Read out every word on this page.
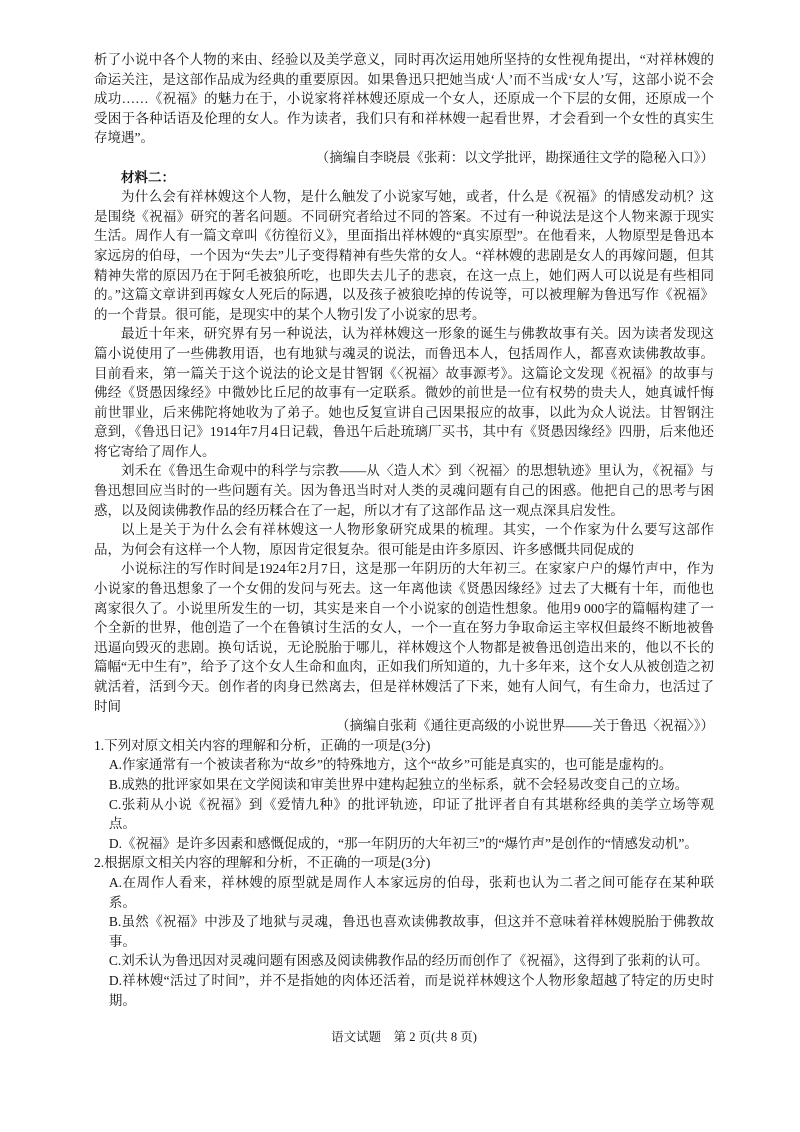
析了小说中各个人物的来由、经验以及美学意义，同时再次运用她所坚持的女性视角提出，“对祥林嫂的命运关注，是这部作品成为经典的重要原因。如果鲁迅只把她当成‘人’而不当成‘女人’写，这部小说不会成功……《祝福》的魅力在于，小说家将祥林嫂还原成一个女人，还原成一个下层的女佣，还原成一个受困于各种话语及伦理的女人。作为读者，我们只有和祥林嫂一起看世界，才会看到一个女性的真实生存境遇”。

（摘编自李晓晨《张莉：以文学批评，勘探通往文学的隐秘入口》）

材料二：

为什么会有祥林嫂这个人物，是什么触发了小说家写她，或者，什么是《祝福》的情感发动机？这是围绕《祝福》研究的著名问题。不同研究者给过不同的答案。不过有一种说法是这个人物来源于现实生活。周作人有一篇文章叫《彷徨衍义》，里面指出祥林嫂的“真实原型”。在他看来，人物原型是鲁迅本家远房的伯母，一个因为“失去”儿子变得精神有些失常的女人。“祥林嫂的悲剧是女人的再嫁问题，但其精神失常的原因乃在于阿毛被狼所吃，也即失去儿子的悲哀，在这一点上，她们两人可以说是有些相同的。”这篇文章讲到再嫁女人死后的际遇，以及孩子被狼吃掉的传说等，可以被理解为鲁迅写作《祝福》的一个背景。很可能，是现实中的某个人物引发了小说家的思考。

最近十年来，研究界有另一种说法，认为祥林嫂这一形象的诞生与佛教故事有关。因为读者发现这篇小说使用了一些佛教用语，也有地狱与魂灵的说法，而鲁迅本人，包括周作人，都喜欢读佛教故事。目前看来，第一篇关于这个说法的论文是甘智钢《〈祝福〉故事源考》。这篇论文发现《祝福》的故事与佛经《贤愚因缘经》中微妙比丘尼的故事有一定联系。微妙的前世是一位有权势的贵夫人，她真诚忏悔前世罪业，后来佛陀将她收为了弟子。她也反复宣讲自己因果报应的故事，以此为众人说法。甘智钢注意到，《鲁迅日记》1914年7月4日记载，鲁迅午后赴琉璃厂买书，其中有《贤愚因缘经》四册，后来他还将它寄给了周作人。

刘禾在《鲁迅生命观中的科学与宗教——从〈造人术〉到〈祝福〉的思想轨迹》里认为，《祝福》与鲁迅想回应当时的一些问题有关。因为鲁迅当时对人类的灵魂问题有自己的困惑。他把自己的思考与困惑，以及阅读佛教作品的经历糅合在了一起，所以才有了这部作品 这一观点深具启发性。

以上是关于为什么会有祥林嫂这一人物形象研究成果的梳理。其实，一个作家为什么要写这部作品，为何会有这样一个人物，原因肯定很复杂。很可能是由许多原因、许多感慨共同促成的

小说标注的写作时间是1924年2月7日，这是那一年阴历的大年初三。在家家户户的爆竹声中，作为小说家的鲁迅想象了一个女佣的发问与死去。这一年离他读《贤愚因缘经》过去了大概有十年，而他也离家很久了。小说里所发生的一切，其实是来自一个小说家的创造性想象。他用9 000字的篇幅构建了一个全新的世界，他创造了一个在鲁镇讨生活的女人，一个一直在努力争取命运主宰权但最终不断地被鲁迅逼向毁灭的悲剧。换句话说，无论脱胎于哪儿，祥林嫂这个人物都是被鲁迅创造出来的，他以不长的篇幅“无中生有”，给予了这个女人生命和血肉，正如我们所知道的，九十多年来，这个女人从被创造之初就活着，活到今天。创作者的肉身已然离去，但是祥林嫂活了下来，她有人间气，有生命力，也活过了时间

（摘编自张莉《通往更高级的小说世界——关于鲁迅〈祝福〉》）

1.下列对原文相关内容的理解和分析，正确的一项是(3分)

A.作家通常有一个被读者称为“故乡”的特殊地方，这个“故乡”可能是真实的，也可能是虚构的。

B.成熟的批评家如果在文学阅读和审美世界中建构起独立的坐标系，就不会轻易改变自己的立场。

C.张莉从小说《祝福》到《爱情九种》的批评轨迹，印证了批评者自有其堪称经典的美学立场等观点。

D.《祝福》是许多因素和感慨促成的，“那一年阴历的大年初三”的“爆竹声”是创作的“情感发动机”。

2.根据原文相关内容的理解和分析，不正确的一项是(3分)

A.在周作人看来，祥林嫂的原型就是周作人本家远房的伯母，张莉也认为二者之间可能存在某种联系。

B.虽然《祝福》中涉及了地狱与灵魂，鲁迅也喜欢读佛教故事，但这并不意味着祥林嫂脱胎于佛教故事。

C.刘禾认为鲁迅因对灵魂问题有困惑及阅读佛教作品的经历而创作了《祝福》，这得到了张莉的认可。

D.祥林嫂“活过了时间”，并不是指她的肉体还活着，而是说祥林嫂这个人物形象超越了特定的历史时期。

语文试题　第 2 页(共 8 页)
